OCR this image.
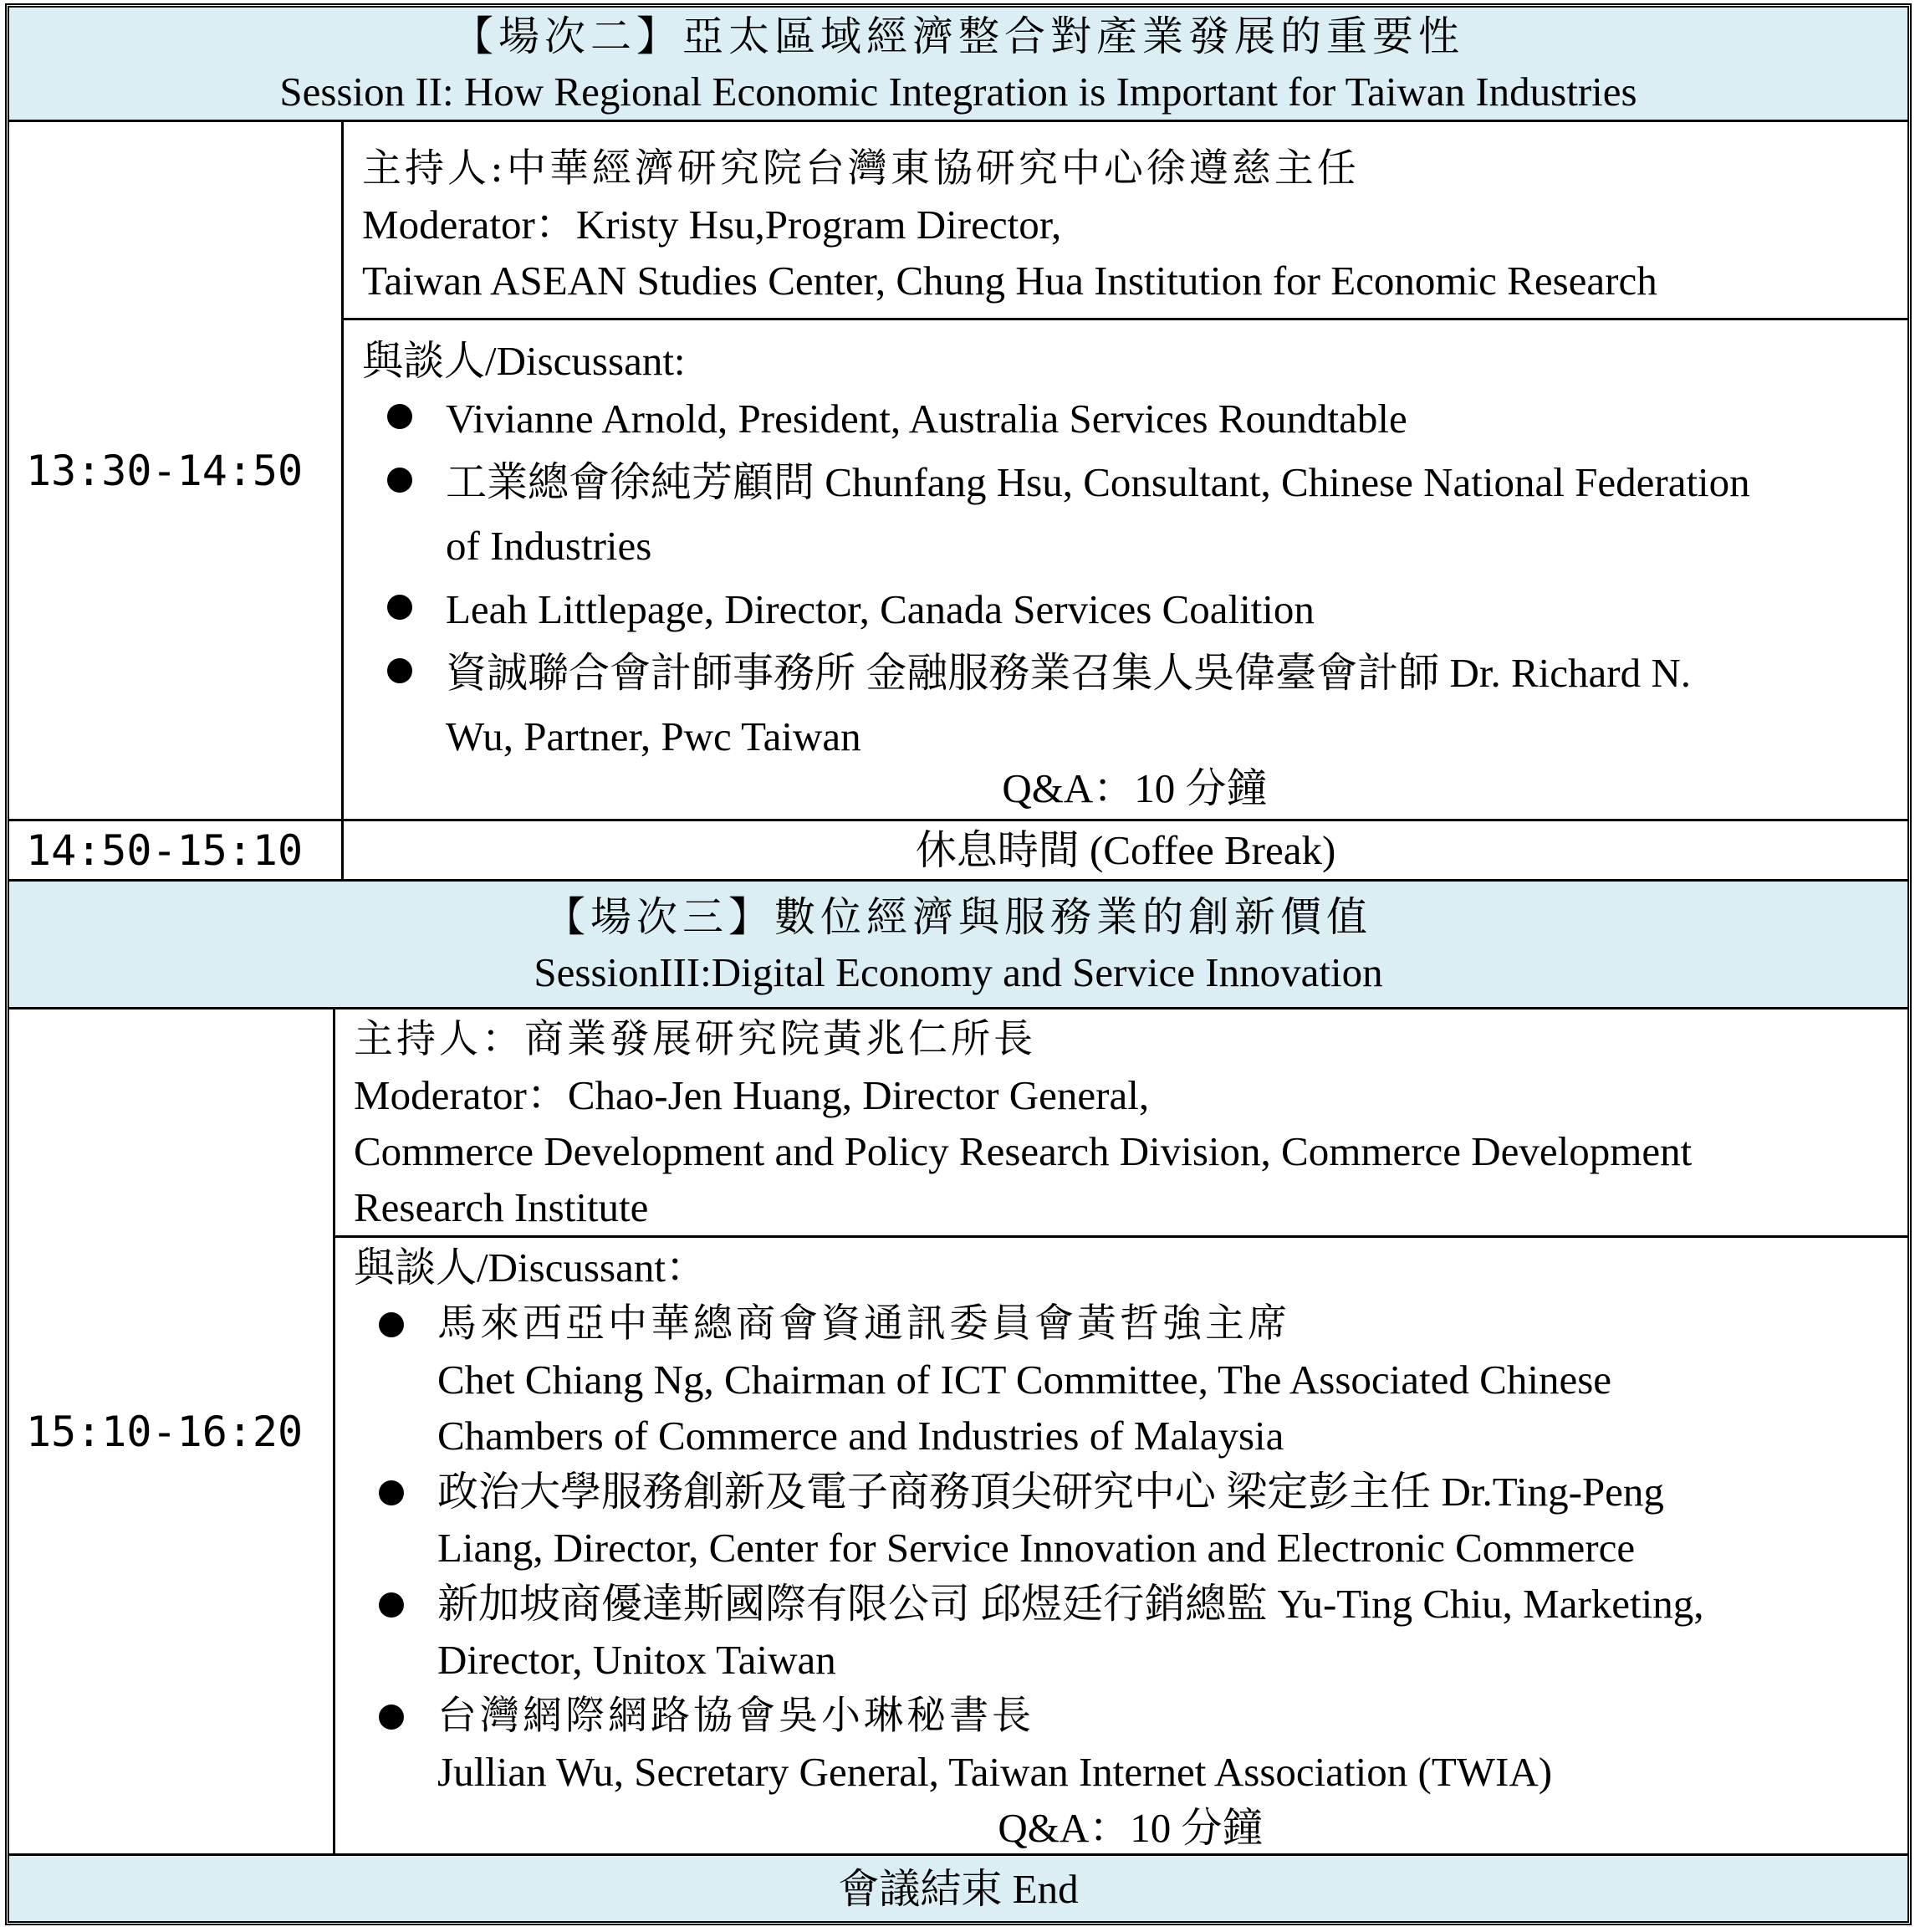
【場次二】亞太區域經濟整合對產業發展的重要性
Session II: How Regional Economic Integration is Important for Taiwan Industries
13:30-14:50
主持人:中華經濟研究院台灣東協研究中心徐遵慈主任
Moderator：Kristy Hsu,Program Director,
Taiwan ASEAN Studies Center, Chung Hua Institution for Economic Research
與談人/Discussant:
Vivianne Arnold, President, Australia Services Roundtable
工業總會徐純芳顧問 Chunfang Hsu, Consultant, Chinese National Federation
of Industries
Leah Littlepage, Director, Canada Services Coalition
資誠聯合會計師事務所 金融服務業召集人吳偉臺會計師 Dr. Richard N.
Wu, Partner, Pwc Taiwan
Q&A：10 分鐘
14:50-15:10	休息時間 (Coffee Break)
【場次三】數位經濟與服務業的創新價值
SessionIII:Digital Economy and Service Innovation
15:10-16:20
主持人：商業發展研究院黃兆仁所長
Moderator：Chao-Jen Huang, Director General,
Commerce Development and Policy Research Division, Commerce Development
Research Institute
與談人/Discussant：
馬來西亞中華總商會資通訊委員會黃哲強主席
Chet Chiang Ng, Chairman of ICT Committee, The Associated Chinese
Chambers of Commerce and Industries of Malaysia
政治大學服務創新及電子商務頂尖研究中心 梁定彭主任 Dr.Ting-Peng
Liang, Director, Center for Service Innovation and Electronic Commerce
新加坡商優達斯國際有限公司 邱煜廷行銷總監 Yu-Ting Chiu, Marketing,
Director, Unitox Taiwan
台灣網際網路協會吳小琳秘書長
Jullian Wu, Secretary General, Taiwan Internet Association (TWIA)
Q&A：10 分鐘
會議結束 End
